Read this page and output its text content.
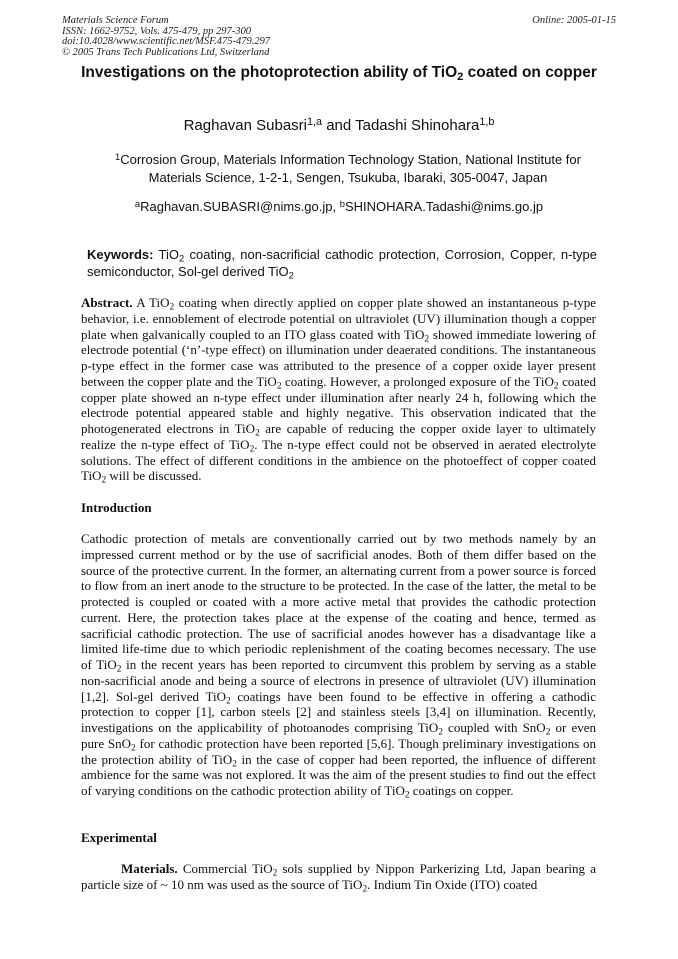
Materials Science Forum
ISSN: 1662-9752, Vols. 475-479, pp 297-300
doi:10.4028/www.scientific.net/MSF.475-479.297
© 2005 Trans Tech Publications Ltd, Switzerland
Online: 2005-01-15
Investigations on the photoprotection ability of TiO$_2$ coated on copper
Raghavan Subasri$^{1,a}$ and Tadashi Shinohara$^{1,b}$
$^1$Corrosion Group, Materials Information Technology Station, National Institute for Materials Science, 1-2-1, Sengen, Tsukuba, Ibaraki, 305-0047, Japan
$^a$Raghavan.SUBASRI@nims.go.jp, $^b$SHINOHARA.Tadashi@nims.go.jp
Keywords: TiO$_2$ coating, non-sacrificial cathodic protection, Corrosion, Copper, n-type semiconductor, Sol-gel derived TiO$_2$
Abstract. A TiO$_2$ coating when directly applied on copper plate showed an instantaneous p-type behavior, i.e. ennoblement of electrode potential on ultraviolet (UV) illumination though a copper plate when galvanically coupled to an ITO glass coated with TiO$_2$ showed immediate lowering of electrode potential (‘n’-type effect) on illumination under deaerated conditions. The instantaneous p-type effect in the former case was attributed to the presence of a copper oxide layer present between the copper plate and the TiO$_2$ coating. However, a prolonged exposure of the TiO$_2$ coated copper plate showed an n-type effect under illumination after nearly 24 h, following which the electrode potential appeared stable and highly negative. This observation indicated that the photogenerated electrons in TiO$_2$ are capable of reducing the copper oxide layer to ultimately realize the n-type effect of TiO$_2$. The n-type effect could not be observed in aerated electrolyte solutions. The effect of different conditions in the ambience on the photoeffect of copper coated TiO$_2$ will be discussed.
Introduction
Cathodic protection of metals are conventionally carried out by two methods namely by an impressed current method or by the use of sacrificial anodes. Both of them differ based on the source of the protective current. In the former, an alternating current from a power source is forced to flow from an inert anode to the structure to be protected. In the case of the latter, the metal to be protected is coupled or coated with a more active metal that provides the cathodic protection current. Here, the protection takes place at the expense of the coating and hence, termed as sacrificial cathodic protection. The use of sacrificial anodes however has a disadvantage like a limited life-time due to which periodic replenishment of the coating becomes necessary. The use of TiO$_2$ in the recent years has been reported to circumvent this problem by serving as a stable non-sacrificial anode and being a source of electrons in presence of ultraviolet (UV) illumination [1,2]. Sol-gel derived TiO$_2$ coatings have been found to be effective in offering a cathodic protection to copper [1], carbon steels [2] and stainless steels [3,4] on illumination. Recently, investigations on the applicability of photoanodes comprising TiO$_2$ coupled with SnO$_2$ or even pure SnO$_2$ for cathodic protection have been reported [5,6]. Though preliminary investigations on the protection ability of TiO$_2$ in the case of copper had been reported, the influence of different ambience for the same was not explored. It was the aim of the present studies to find out the effect of varying conditions on the cathodic protection ability of TiO$_2$ coatings on copper.
Experimental
Materials. Commercial TiO$_2$ sols supplied by Nippon Parkerizing Ltd, Japan bearing a particle size of ~ 10 nm was used as the source of TiO$_2$. Indium Tin Oxide (ITO) coated
